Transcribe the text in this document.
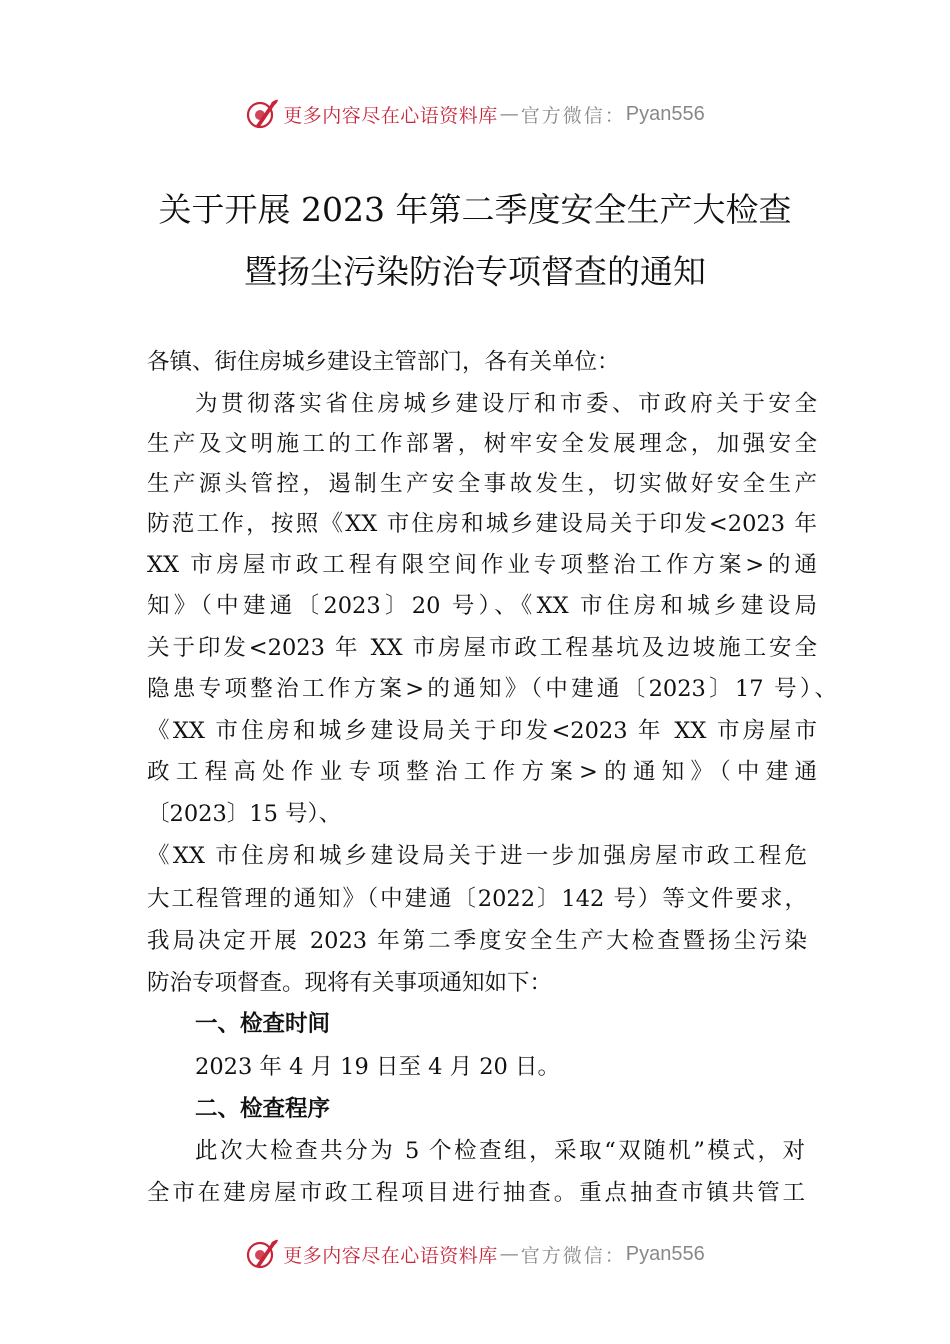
更多内容尽在心语资料库 — 官方微信： Pyan556
关于开展 2023 年第二季度安全生产大检查
暨扬尘污染防治专项督查的通知
各镇、街住房城乡建设主管部门，各有关单位：
为贯彻落实省住房城乡建设厅和市委、市政府关于安全
生产及文明施工的工作部署，树牢安全发展理念，加强安全
生产源头管控，遏制生产安全事故发生，切实做好安全生产
防范工作，按照《XX 市住房和城乡建设局关于印发<2023 年
XX 市房屋市政工程有限空间作业专项整治工作方案>的通
知》（中建通〔2023〕20 号）、《XX 市住房和城乡建设局
关于印发<2023 年 XX 市房屋市政工程基坑及边坡施工安全
隐患专项整治工作方案>的通知》（中建通〔2023〕17 号）、
《XX 市住房和城乡建设局关于印发<2023 年 XX 市房屋市
政工程高处作业专项整治工作方案>的通知》（中建通
〔2023〕15 号）、
《XX 市住房和城乡建设局关于进一步加强房屋市政工程危
大工程管理的通知》（中建通〔2022〕142 号）等文件要求，
我局决定开展 2023 年第二季度安全生产大检查暨扬尘污染
防治专项督查。现将有关事项通知如下：
一、检查时间
2023 年 4 月 19 日至 4 月 20 日。
二、检查程序
此次大检查共分为 5 个检查组，采取“双随机”模式，对
全市在建房屋市政工程项目进行抽查。重点抽查市镇共管工
更多内容尽在心语资料库 — 官方微信： Pyan556
